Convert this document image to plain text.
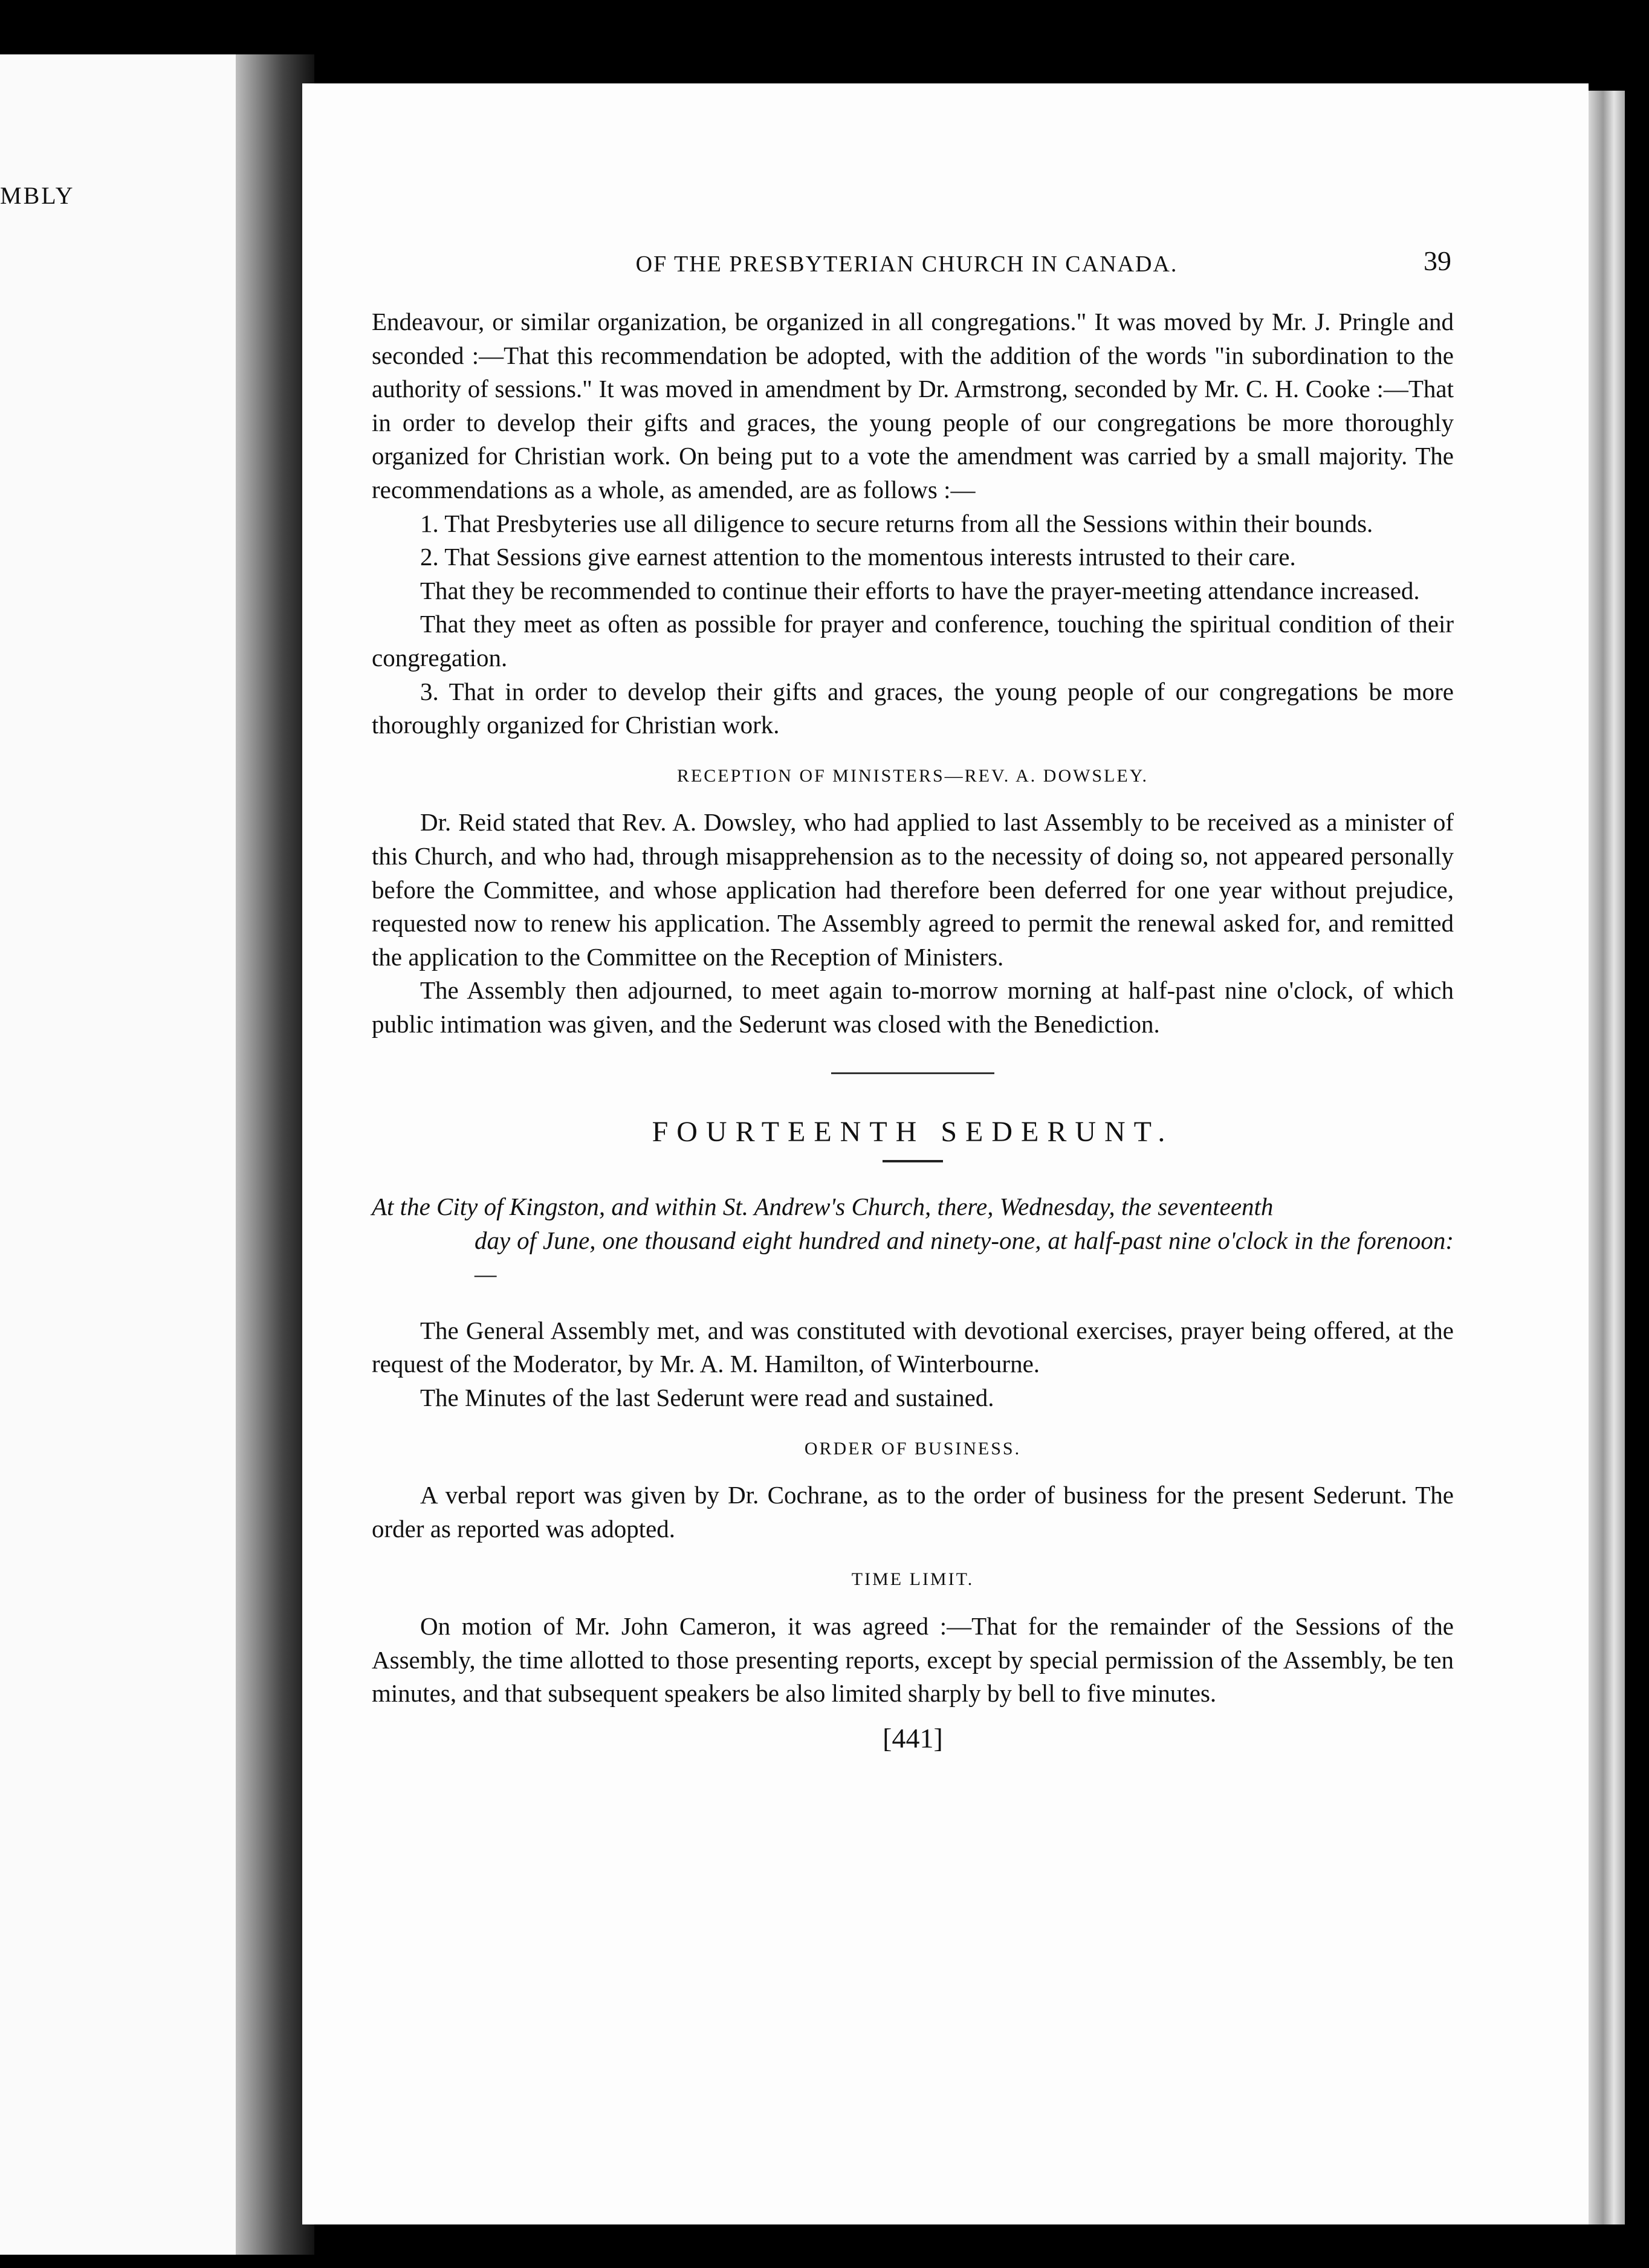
MBLY
OF THE PRESBYTERIAN CHURCH IN CANADA.	39

Endeavour, or similar organization, be organized in all congregations." It was moved by Mr. J. Pringle and seconded :—That this recommendation be adopted, with the addition of the words "in subordination to the authority of sessions." It was moved in amendment by Dr. Armstrong, seconded by Mr. C. H. Cooke :—That in order to develop their gifts and graces, the young people of our congregations be more thoroughly organized for Christian work. On being put to a vote the amendment was carried by a small majority. The recommendations as a whole, as amended, are as follows :—

1. That Presbyteries use all diligence to secure returns from all the Sessions within their bounds.

2. That Sessions give earnest attention to the momentous interests intrusted to their care.

That they be recommended to continue their efforts to have the prayer-meeting attendance increased.

That they meet as often as possible for prayer and conference, touching the spiritual condition of their congregation.

3. That in order to develop their gifts and graces, the young people of our congregations be more thoroughly organized for Christian work.

RECEPTION OF MINISTERS—REV. A. DOWSLEY.

Dr. Reid stated that Rev. A. Dowsley, who had applied to last Assembly to be received as a minister of this Church, and who had, through misapprehension as to the necessity of doing so, not appeared personally before the Committee, and whose application had therefore been deferred for one year without prejudice, requested now to renew his application. The Assembly agreed to permit the renewal asked for, and remitted the application to the Committee on the Reception of Ministers.

The Assembly then adjourned, to meet again to-morrow morning at half-past nine o'clock, of which public intimation was given, and the Sederunt was closed with the Benediction.

FOURTEENTH SEDERUNT.

At the City of Kingston, and within St. Andrew's Church, there, Wednesday, the seventeenth
day of June, one thousand eight hundred and ninety-one, at half-past nine o'clock in the forenoon:—

The General Assembly met, and was constituted with devotional exercises, prayer being offered, at the request of the Moderator, by Mr. A. M. Hamilton, of Winterbourne.

The Minutes of the last Sederunt were read and sustained.

ORDER OF BUSINESS.

A verbal report was given by Dr. Cochrane, as to the order of business for the present Sederunt. The order as reported was adopted.

TIME LIMIT.

On motion of Mr. John Cameron, it was agreed :—That for the remainder of the Sessions of the Assembly, the time allotted to those presenting reports, except by special permission of the Assembly, be ten minutes, and that subsequent speakers be also limited sharply by bell to five minutes.

[441]
